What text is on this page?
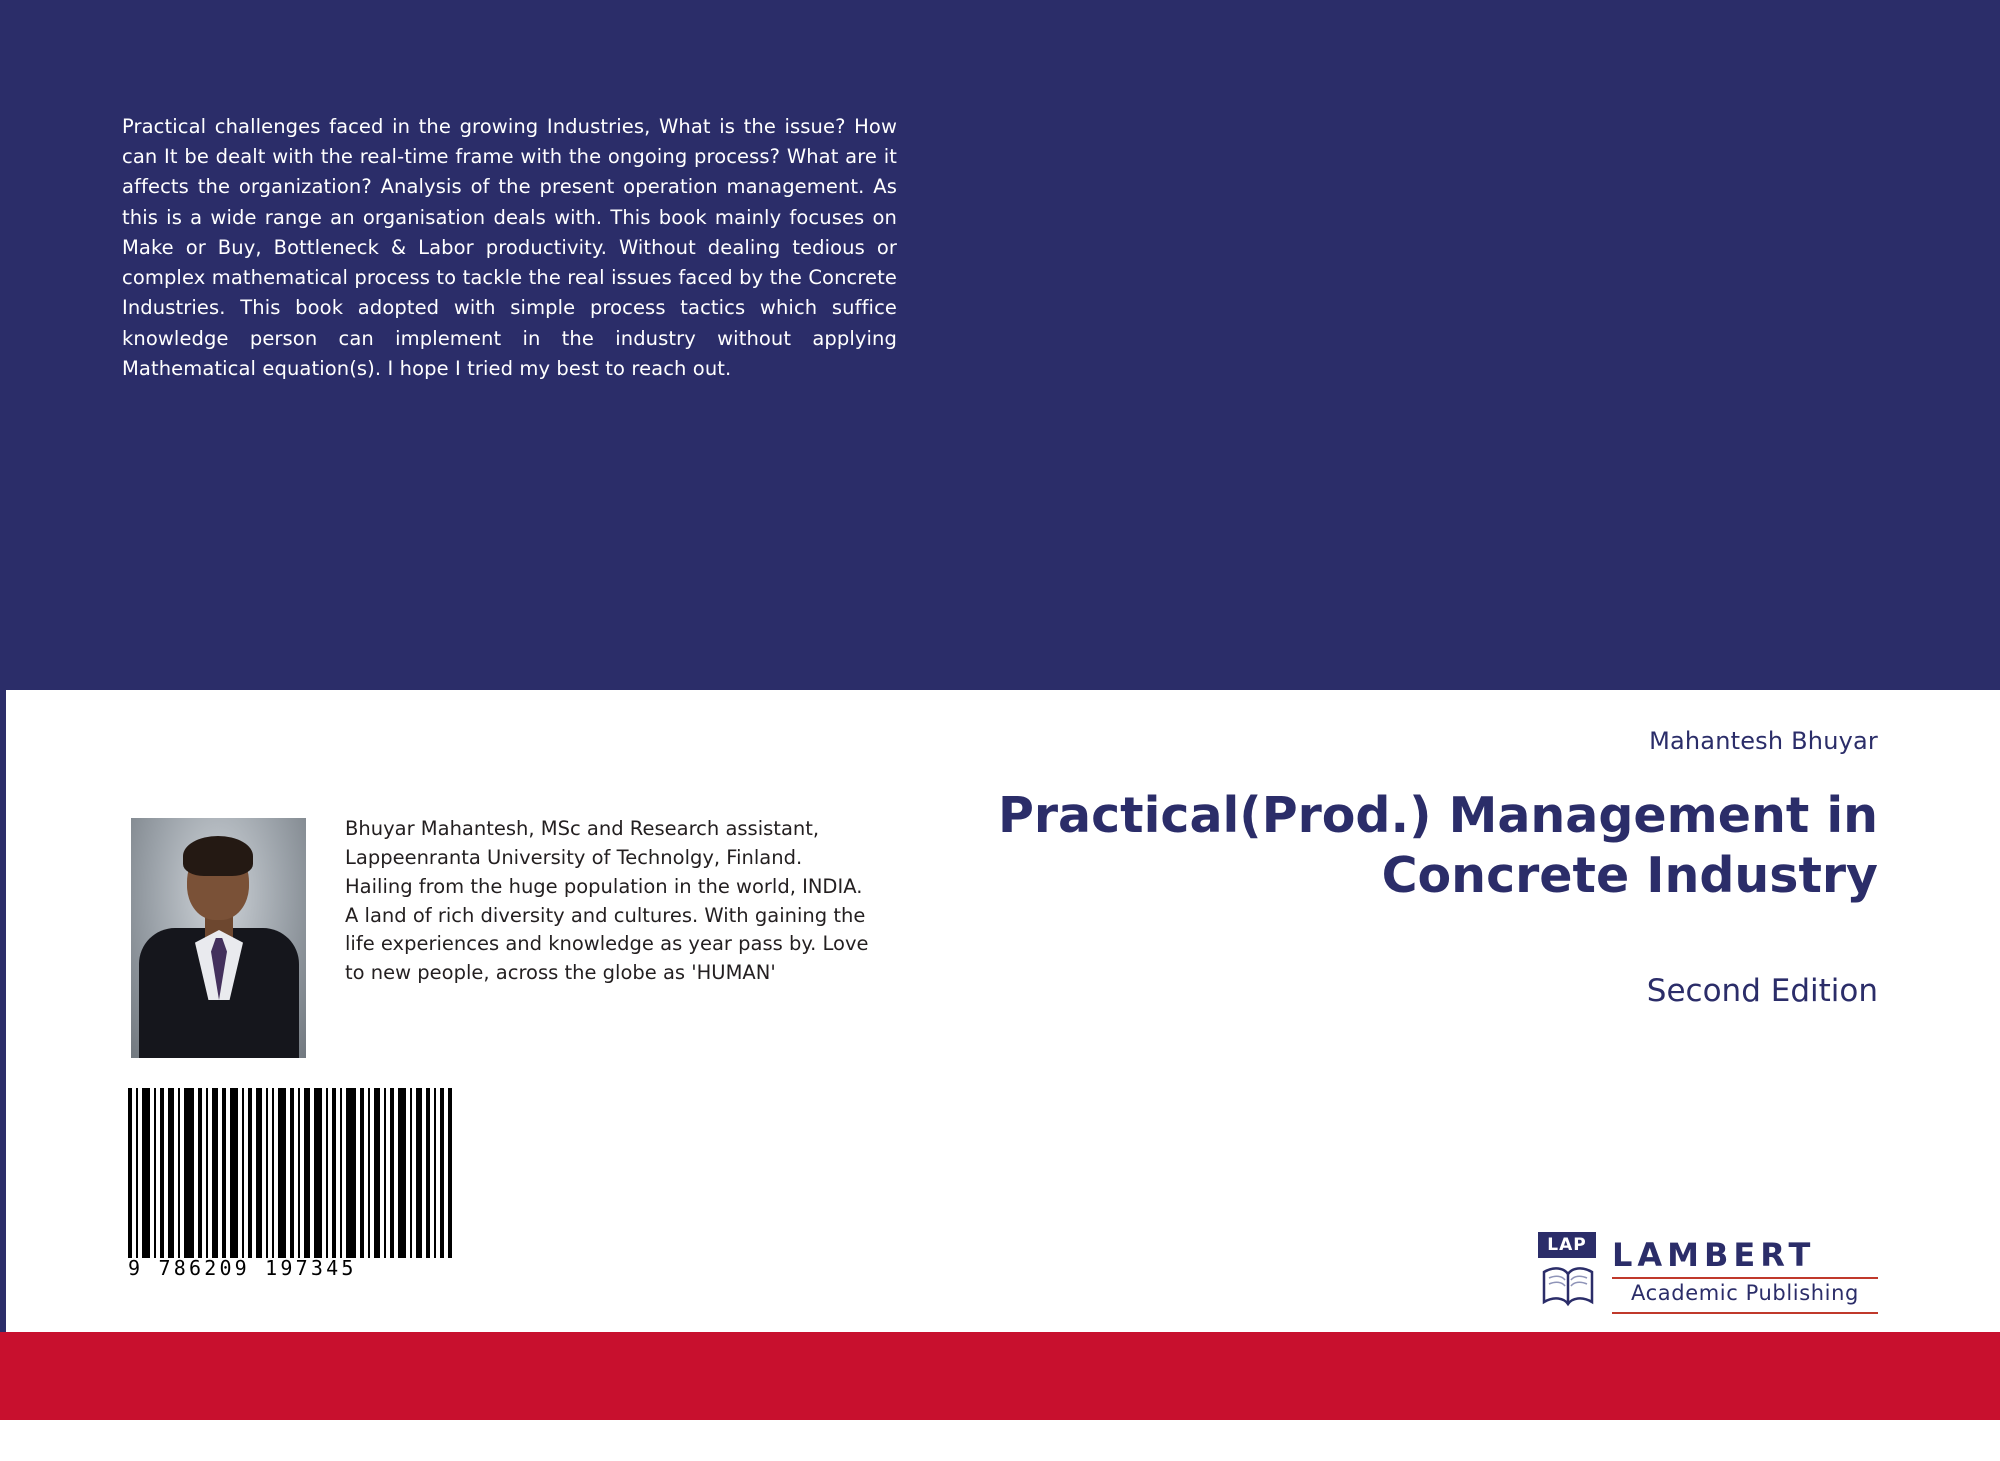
Practical challenges faced in the growing Industries, What is the issue? How can It be dealt with the real-time frame with the ongoing process? What are it affects the organization? Analysis of the present operation management. As this is a wide range an organisation deals with. This book mainly focuses on Make or Buy, Bottleneck & Labor productivity. Without dealing tedious or complex mathematical process to tackle the real issues faced by the Concrete Industries. This book adopted with simple process tactics which suffice knowledge person can implement in the industry without applying Mathematical equation(s). I hope I tried my best to reach out.
Bhuyar Mahantesh, MSc and Research assistant, Lappeenranta University of Technolgy, Finland. Hailing from the huge population in the world, INDIA. A land of rich diversity and cultures. With gaining the life experiences and knowledge as year pass by. Love to new people, across the globe as 'HUMAN'
9 786209 197345
Mahantesh Bhuyar
Practical(Prod.) Management in Concrete Industry
Second Edition
LAP LAMBERT
Academic Publishing
